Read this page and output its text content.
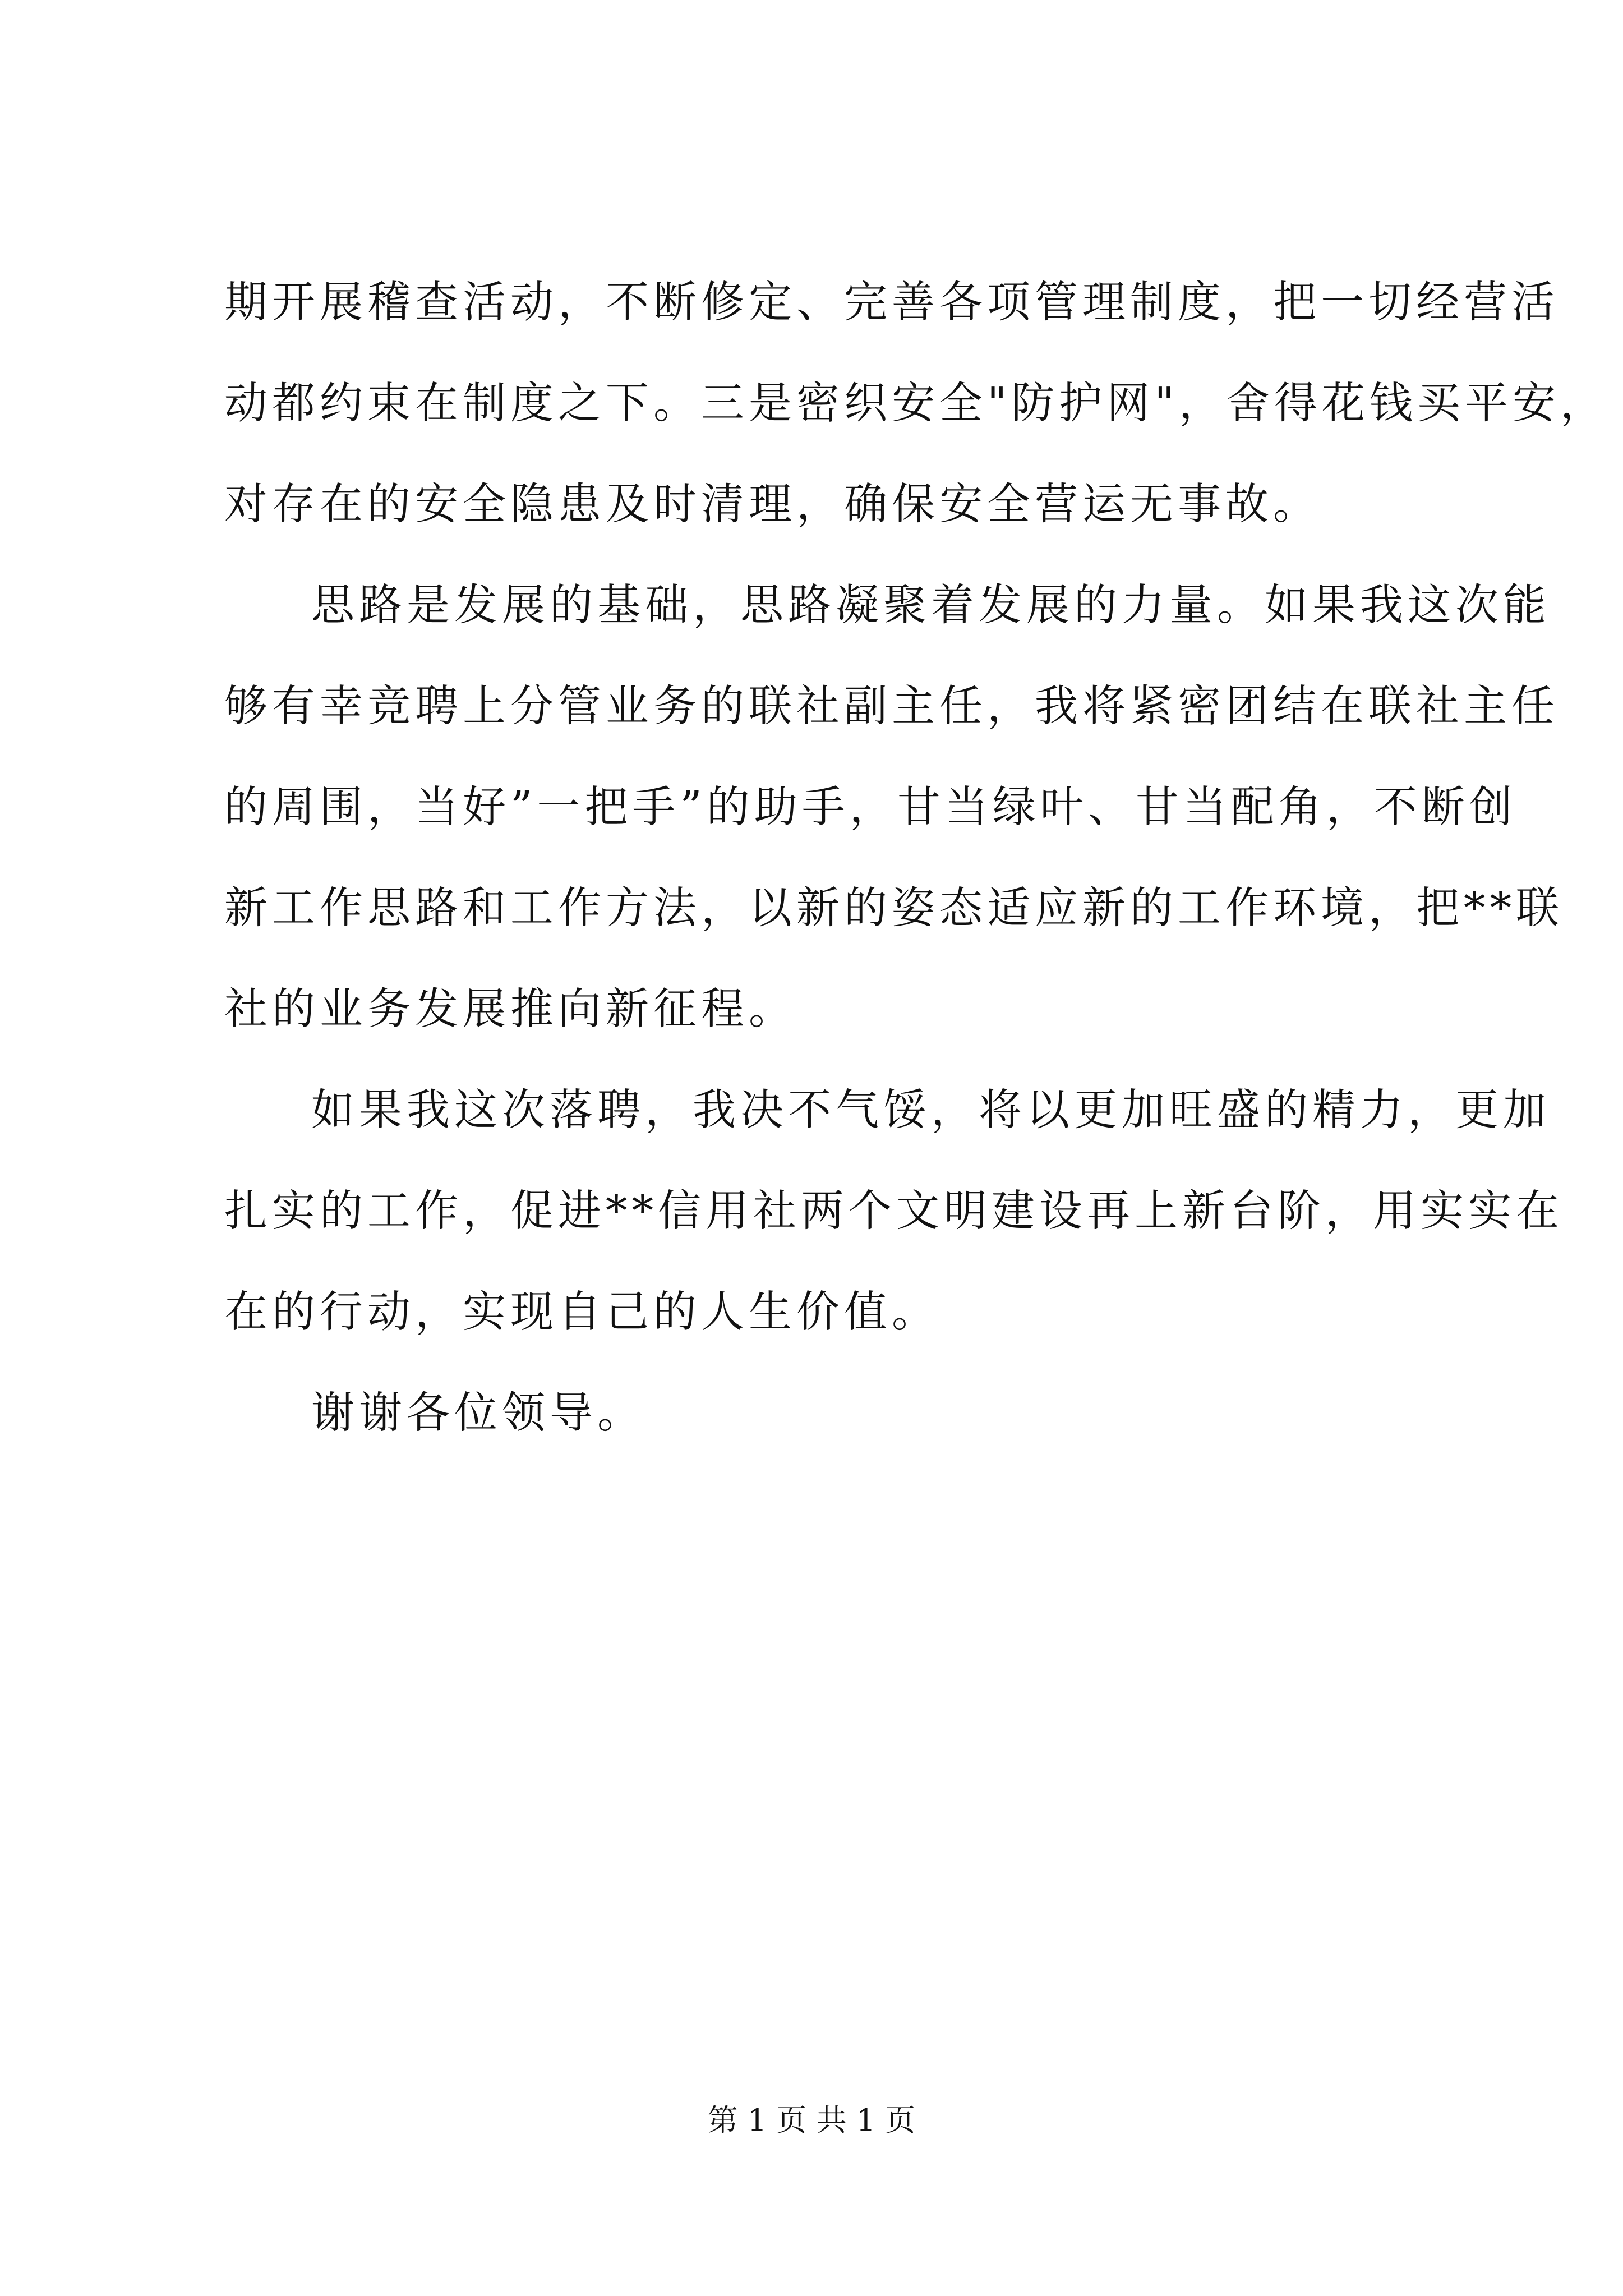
期开展稽查活动，不断修定、完善各项管理制度，把一切经营活
动都约束在制度之下。三是密织安全"防护网"，舍得花钱买平安，
对存在的安全隐患及时清理，确保安全营运无事故。
思路是发展的基础，思路凝聚着发展的力量。如果我这次能
够有幸竞聘上分管业务的联社副主任，我将紧密团结在联社主任
的周围，当好”一把手”的助手，甘当绿叶、甘当配角，不断创
新工作思路和工作方法，以新的姿态适应新的工作环境，把**联
社的业务发展推向新征程。
如果我这次落聘，我决不气馁，将以更加旺盛的精力，更加
扎实的工作，促进**信用社两个文明建设再上新台阶，用实实在
在的行动，实现自己的人生价值。
谢谢各位领导。
第 1 页 共 1 页
